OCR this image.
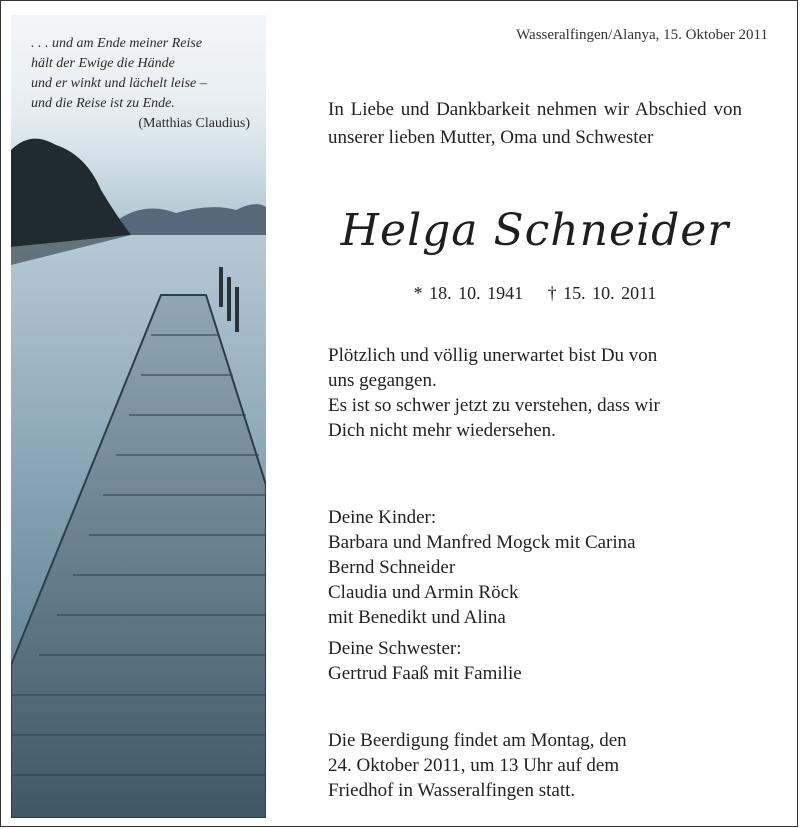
. . . und am Ende meiner Reise
hält der Ewige die Hände
und er winkt und lächelt leise –
und die Reise ist zu Ende.
(Matthias Claudius)
Wasseralfingen/Alanya, 15. Oktober 2011
In Liebe und Dankbarkeit nehmen wir Abschied von unserer lieben Mutter, Oma und Schwester
Helga Schneider
* 18. 10. 1941 † 15. 10. 2011
Plötzlich und völlig unerwartet bist Du von
uns gegangen.
Es ist so schwer jetzt zu verstehen, dass wir
Dich nicht mehr wiedersehen.
Deine Kinder:
Barbara und Manfred Mogck mit Carina
Bernd Schneider
Claudia und Armin Röck
mit Benedikt und Alina
Deine Schwester:
Gertrud Faaß mit Familie
Die Beerdigung findet am Montag, den
24. Oktober 2011, um 13 Uhr auf dem
Friedhof in Wasseralfingen statt.
